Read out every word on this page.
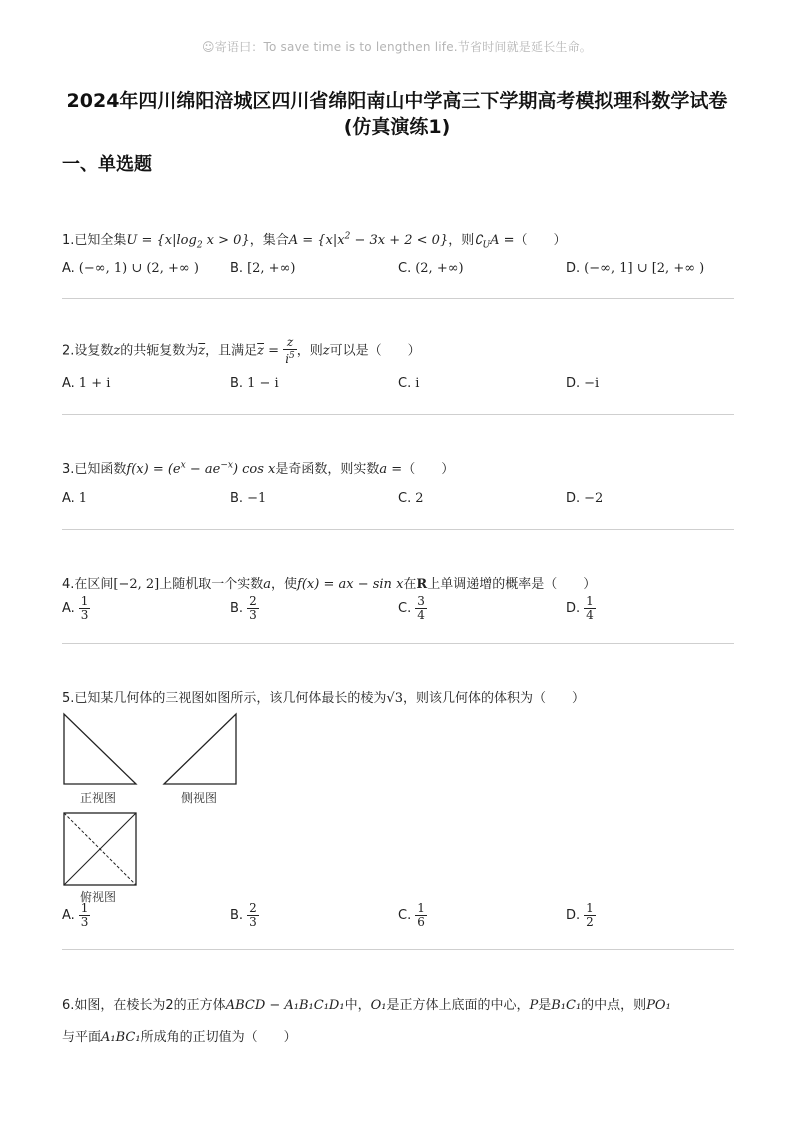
☺寄语曰：To save time is to lengthen life.节省时间就是延长生命。
2024年四川绵阳涪城区四川省绵阳南山中学高三下学期高考模拟理科数学试卷
(仿真演练1)
一、单选题
1.已知全集$U = \{x|\log_2$ x > 0}，集合$A = \{x|x^2 - 3x + 2 < 0\}$，则$∁_UA$ =（　　）
A. (−∞, 1) ∪ (2, +∞ ) B. [2, +∞)	C. (2, +∞)	D. (−∞, 1] ∪ [2, +∞ )
2.设复数z的共轭复数为$\overline{z}$，且满足$\overline{z} = \frac{z}{i^5}$ ，则z可以是（　　）
A. 1 + i	B. 1 − i	C. i	D. −i
3.已知函数$f(x) = (e^x - ae^{-x})$ cos x是奇函数，则实数a =（　　）
A. 1	B. −1	C. 2	D. −2
4.在区间[−2, 2]上随机取一个实数a，使f(x) = ax − sin x在R上单调递增的概率是（　　）
A. $\frac{1}{3}$	B. $\frac{2}{3}$	C. $\frac{3}{4}$	D. $\frac{1}{4}$
5.已知某几何体的三视图如图所示，该几何体最长的棱为√3，则该几何体的体积为（　　）
正视图	侧视图
俯视图
A. $\frac{1}{3}$	B. $\frac{2}{3}$	C. $\frac{1}{6}$	D. $\frac{1}{2}$
6.如图，在棱长为2的正方体ABCD − A₁B₁C₁D₁中，O₁是正方体上底面的中心，P是B₁C₁的中点，则PO₁
与平面A₁BC₁所成角的正切值为（　　）
